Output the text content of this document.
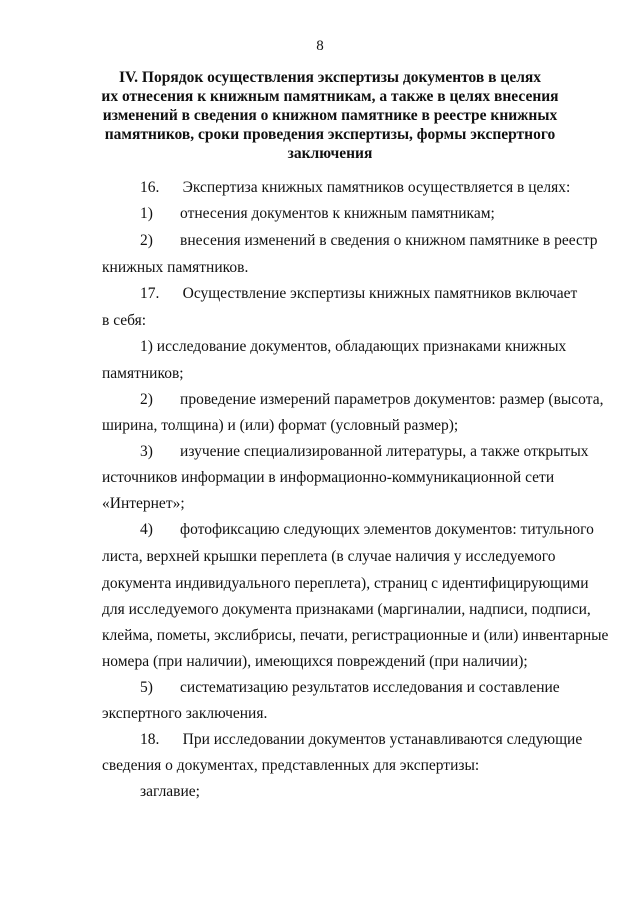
8
IV. Порядок осуществления экспертизы документов в целях
их отнесения к книжным памятникам, а также в целях внесения
изменений в сведения о книжном памятнике в реестре книжных
памятников, сроки проведения экспертизы, формы экспертного
заключения
16.      Экспертиза книжных памятников осуществляется в целях:
1)       отнесения документов к книжным памятникам;
2)       внесения изменений в сведения о книжном памятнике в реестр
книжных памятников.
17.      Осуществление экспертизы книжных памятников включает
в себя:
1) исследование документов, обладающих признаками книжных
памятников;
2)       проведение измерений параметров документов: размер (высота,
ширина, толщина) и (или) формат (условный размер);
3)       изучение специализированной литературы, а также открытых
источников информации в информационно-коммуникационной сети
«Интернет»;
4)       фотофиксацию следующих элементов документов: титульного
листа, верхней крышки переплета (в случае наличия у исследуемого
документа индивидуального переплета), страниц с идентифицирующими
для исследуемого документа признаками (маргиналии, надписи, подписи,
клейма, пометы, экслибрисы, печати, регистрационные и (или) инвентарные
номера (при наличии), имеющихся повреждений (при наличии);
5)       систематизацию результатов исследования и составление
экспертного заключения.
18.      При исследовании документов устанавливаются следующие
сведения о документах, представленных для экспертизы:
заглавие;
